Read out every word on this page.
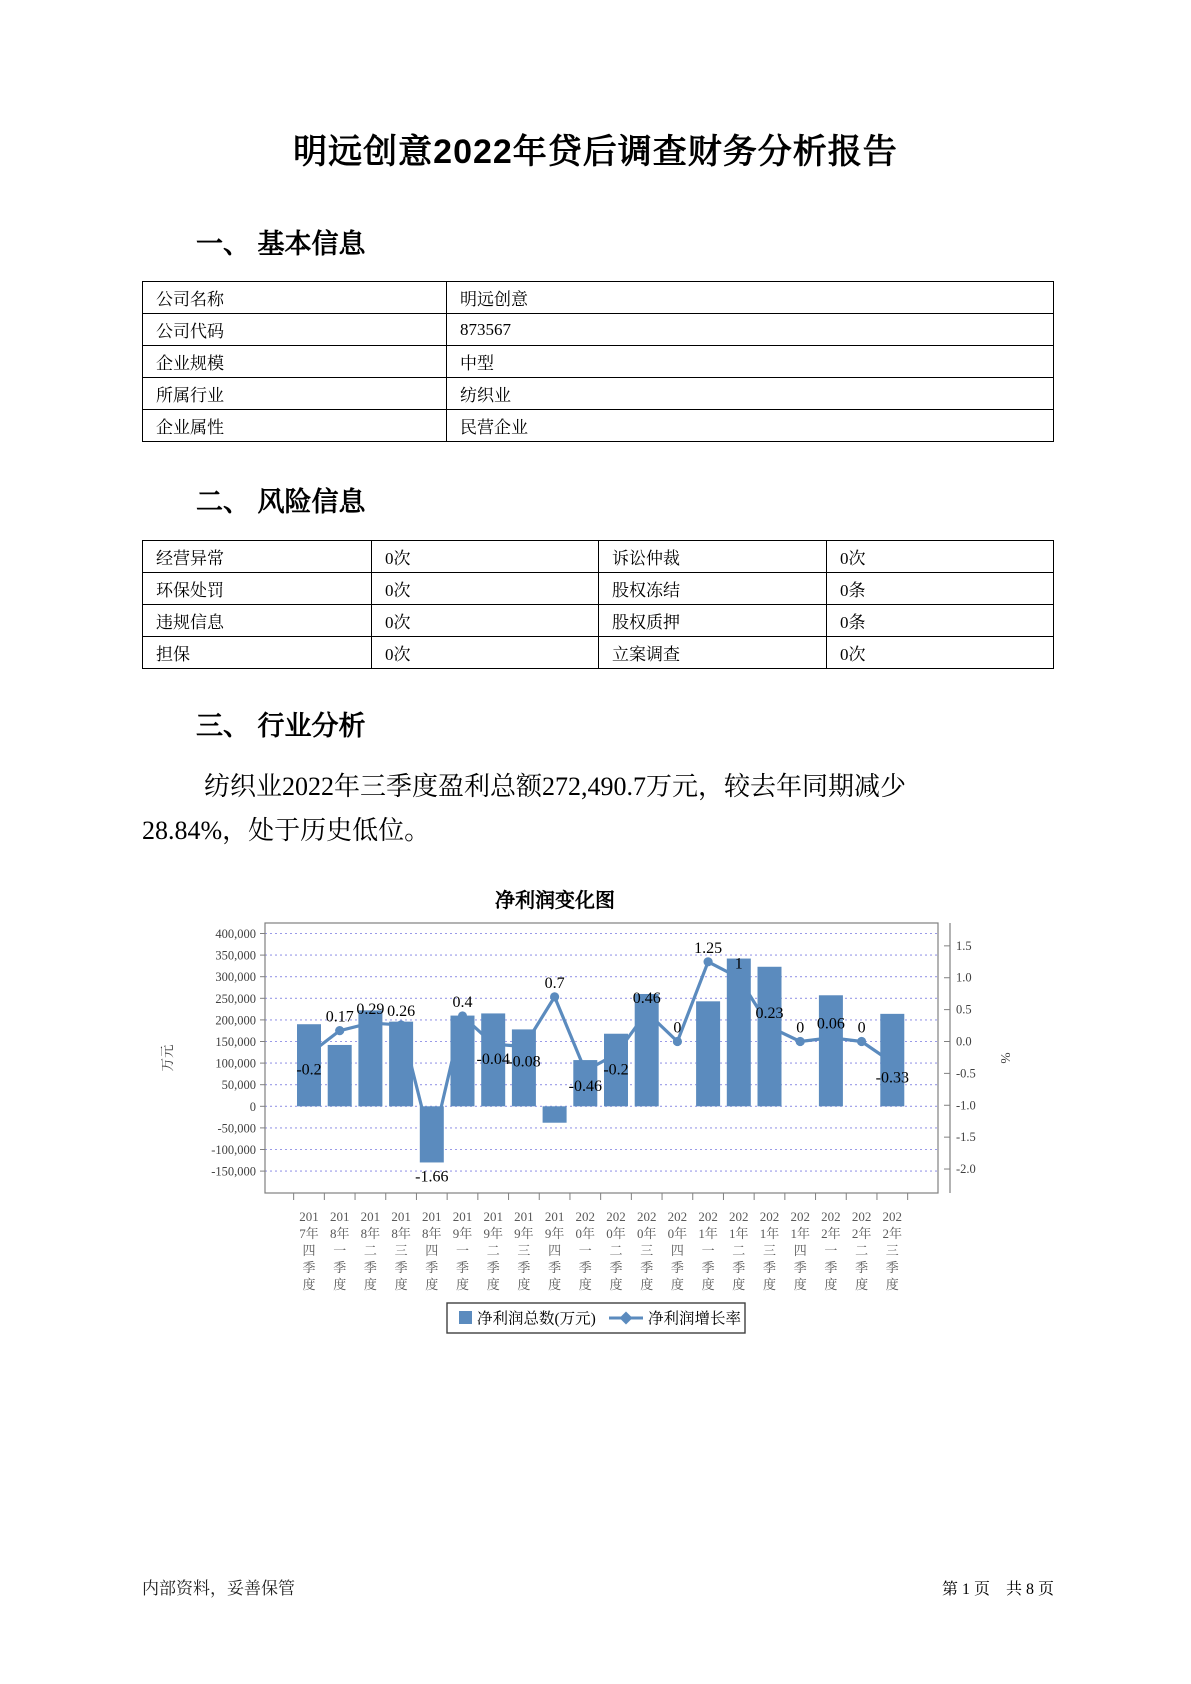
明远创意2022年贷后调查财务分析报告
一、 基本信息
公司名称	明远创意
公司代码	873567
企业规模	中型
所属行业	纺织业
企业属性	民营企业
二、 风险信息
经营异常	0次	诉讼仲裁	0次
环保处罚	0次	股权冻结	0条
违规信息	0次	股权质押	0条
担保	0次	立案调查	0次
三、 行业分析
纺织业2022年三季度盈利总额272,490.7万元，较去年同期减少
28.84%，处于历史低位。
净利润变化图
-0.2
0.17 0.29 0.26
-1.66
0.4
-0.04
-0.08
0.7
-0.46
-0.2
0.46
0
1.25
1
0.23
0 0.06 0
-0.33
400,000
350,000
300,000
250,000
200,000
150,000
100,000
50,000
0
-50,000
-100,000
-150,000
万元
1.5
1.0
0.5
0.0
-0.5
-1.0
-1.5
-2.0
%
201 7年四季度
201 8年一季度
201 8年二季度
201 8年三季度
201 8年四季度
201 9年一季度
201 9年二季度
201 9年三季度
201 9年四季度
202 0年一季度
202 0年二季度
202 0年三季度
202 0年四季度
202 1年一季度
202 1年二季度
202 1年三季度
202 1年四季度
202 2年一季度
202 2年二季度
202 2年三季度
净利润总数(万元)	净利润增长率
内部资料，妥善保管	第 1 页　共 8 页
